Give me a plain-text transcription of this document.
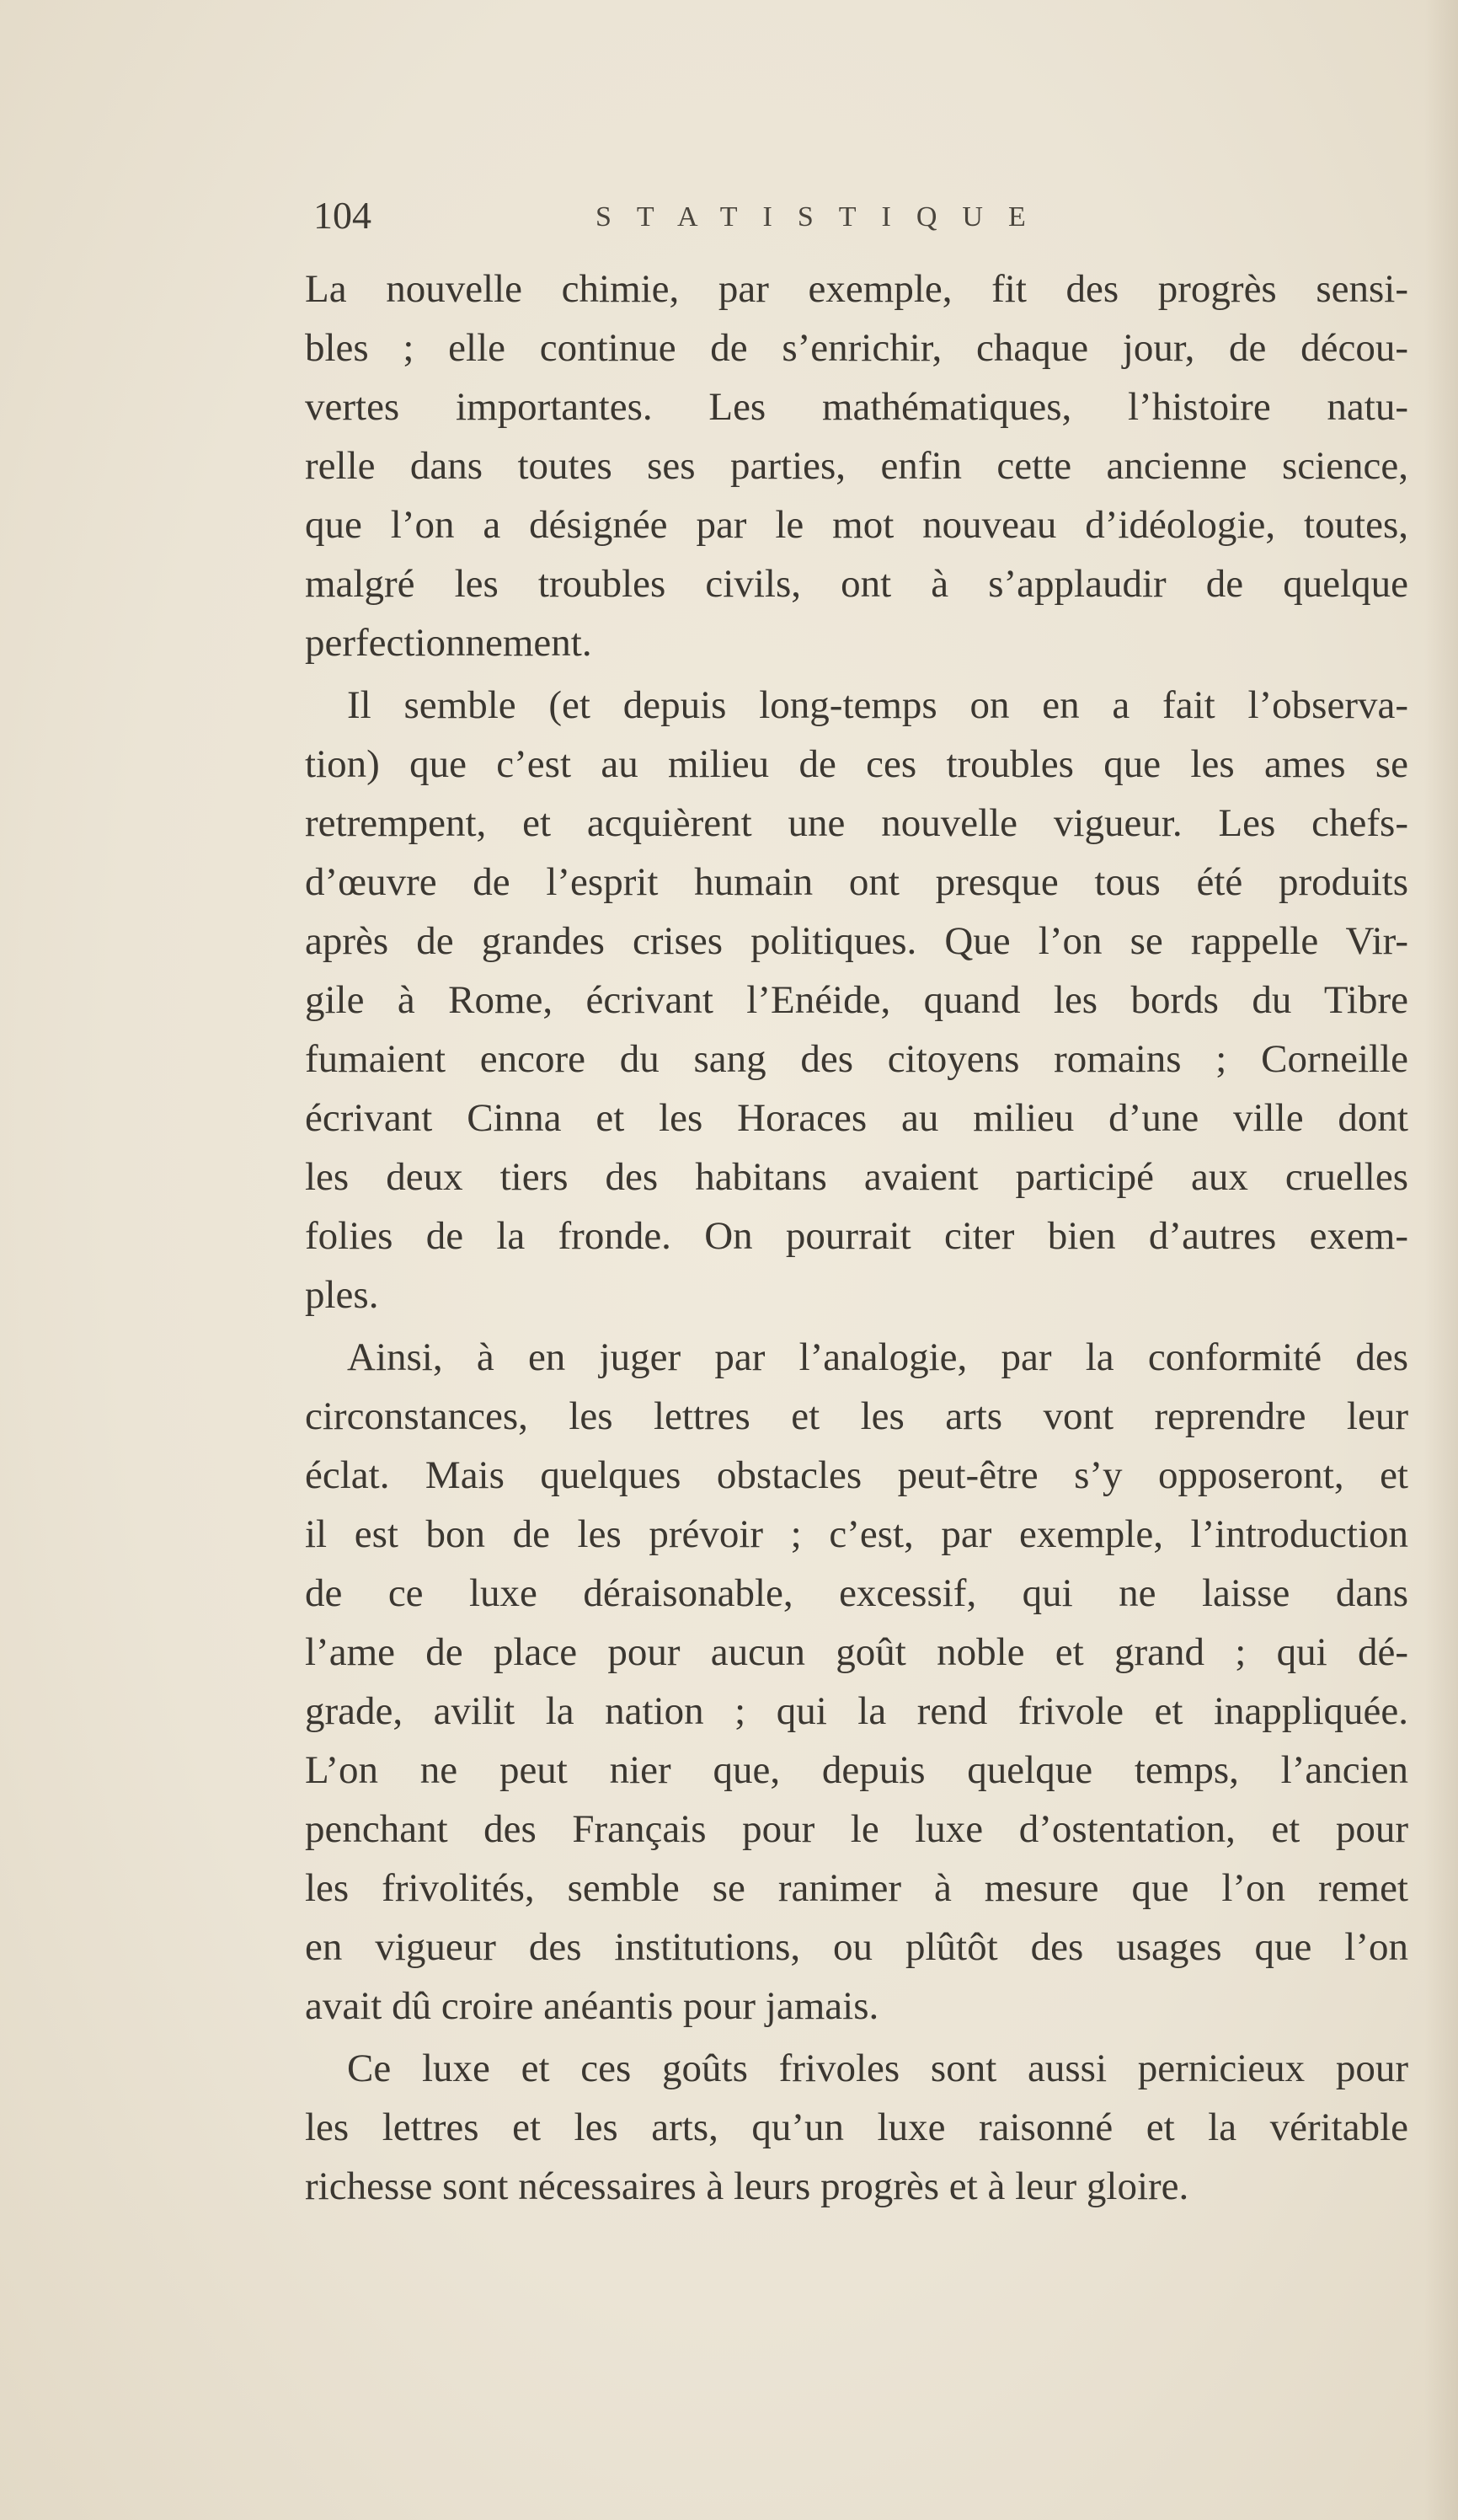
104	STATISTIQUE
La nouvelle chimie, par exemple, fit des progrès sensi-
bles ; elle continue de s’enrichir, chaque jour, de décou-
vertes importantes. Les mathématiques, l’histoire natu-
relle dans toutes ses parties, enfin cette ancienne science,
que l’on a désignée par le mot nouveau d’idéologie, toutes,
malgré les troubles civils, ont à s’applaudir de quelque
perfectionnement.
Il semble (et depuis long-temps on en a fait l’observa-
tion) que c’est au milieu de ces troubles que les ames se
retrempent, et acquièrent une nouvelle vigueur. Les chefs-
d’œuvre de l’esprit humain ont presque tous été produits
après de grandes crises politiques. Que l’on se rappelle Vir-
gile à Rome, écrivant l’Enéide, quand les bords du Tibre
fumaient encore du sang des citoyens romains ; Corneille
écrivant Cinna et les Horaces au milieu d’une ville dont
les deux tiers des habitans avaient participé aux cruelles
folies de la fronde. On pourrait citer bien d’autres exem-
ples.
Ainsi, à en juger par l’analogie, par la conformité des
circonstances, les lettres et les arts vont reprendre leur
éclat. Mais quelques obstacles peut-être s’y opposeront, et
il est bon de les prévoir ; c’est, par exemple, l’introduction
de ce luxe déraisonable, excessif, qui ne laisse dans
l’ame de place pour aucun goût noble et grand ; qui dé-
grade, avilit la nation ; qui la rend frivole et inappliquée.
L’on ne peut nier que, depuis quelque temps, l’ancien
penchant des Français pour le luxe d’ostentation, et pour
les frivolités, semble se ranimer à mesure que l’on remet
en vigueur des institutions, ou plûtôt des usages que l’on
avait dû croire anéantis pour jamais.
Ce luxe et ces goûts frivoles sont aussi pernicieux pour
les lettres et les arts, qu’un luxe raisonné et la véritable
richesse sont nécessaires à leurs progrès et à leur gloire.
